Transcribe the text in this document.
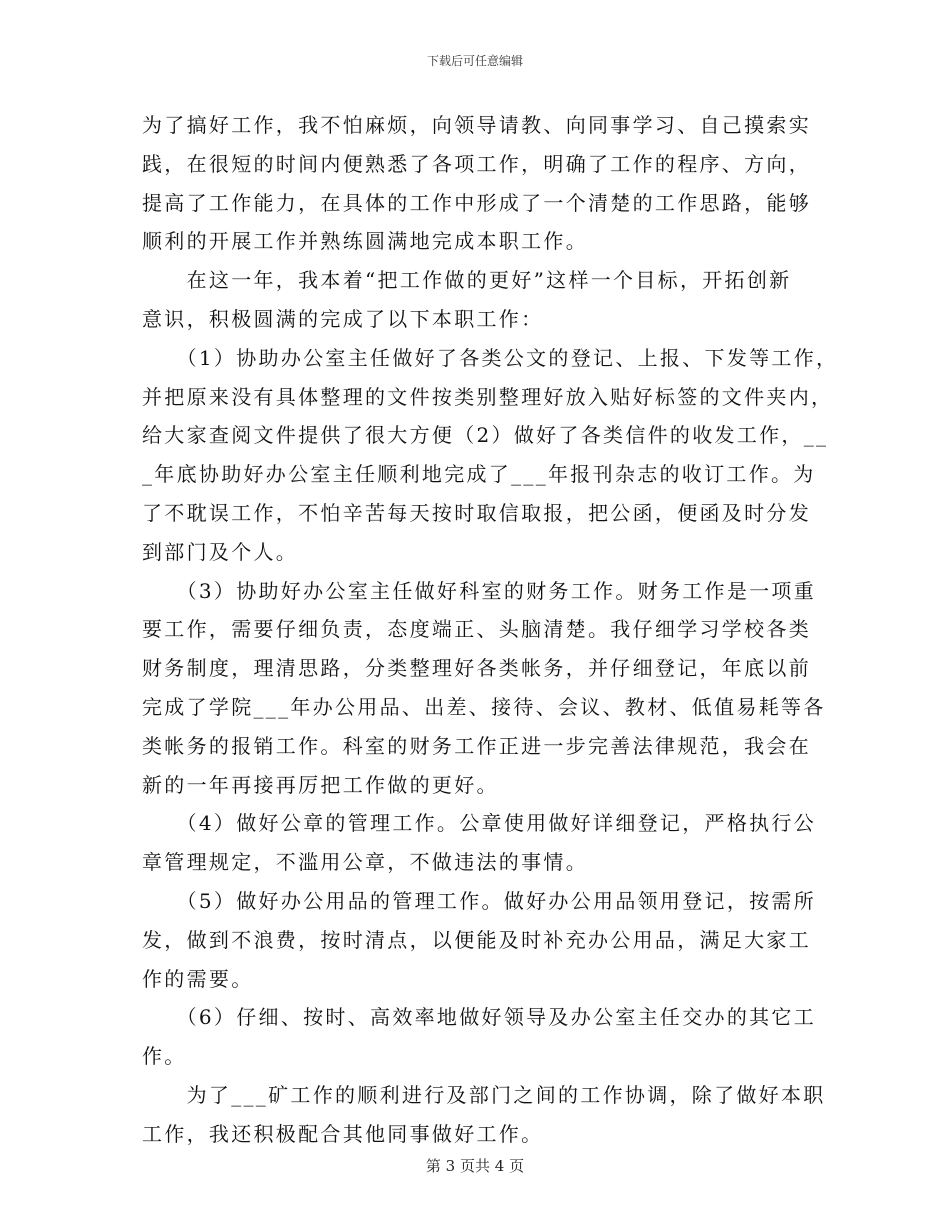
下载后可任意编辑
为了搞好工作，我不怕麻烦，向领导请教、向同事学习、自己摸索实
践，在很短的时间内便熟悉了各项工作，明确了工作的程序、方向，
提高了工作能力，在具体的工作中形成了一个清楚的工作思路，能够
顺利的开展工作并熟练圆满地完成本职工作。
　　在这一年，我本着“把工作做的更好”这样一个目标，开拓创新
意识，积极圆满的完成了以下本职工作：
　　（1）协助办公室主任做好了各类公文的登记、上报、下发等工作，
并把原来没有具体整理的文件按类别整理好放入贴好标签的文件夹内，
给大家查阅文件提供了很大方便（2）做好了各类信件的收发工作，__
_年底协助好办公室主任顺利地完成了___年报刊杂志的收订工作。为
了不耽误工作，不怕辛苦每天按时取信取报，把公函，便函及时分发
到部门及个人。
　　（3）协助好办公室主任做好科室的财务工作。财务工作是一项重
要工作，需要仔细负责，态度端正、头脑清楚。我仔细学习学校各类
财务制度，理清思路，分类整理好各类帐务，并仔细登记，年底以前
完成了学院___年办公用品、出差、接待、会议、教材、低值易耗等各
类帐务的报销工作。科室的财务工作正进一步完善法律规范，我会在
新的一年再接再厉把工作做的更好。
　　（4）做好公章的管理工作。公章使用做好详细登记，严格执行公
章管理规定，不滥用公章，不做违法的事情。
　　（5）做好办公用品的管理工作。做好办公用品领用登记，按需所
发，做到不浪费，按时清点，以便能及时补充办公用品，满足大家工
作的需要。
　　（6）仔细、按时、高效率地做好领导及办公室主任交办的其它工
作。
　　为了___矿工作的顺利进行及部门之间的工作协调，除了做好本职
工作，我还积极配合其他同事做好工作。
第 3 页共 4 页
